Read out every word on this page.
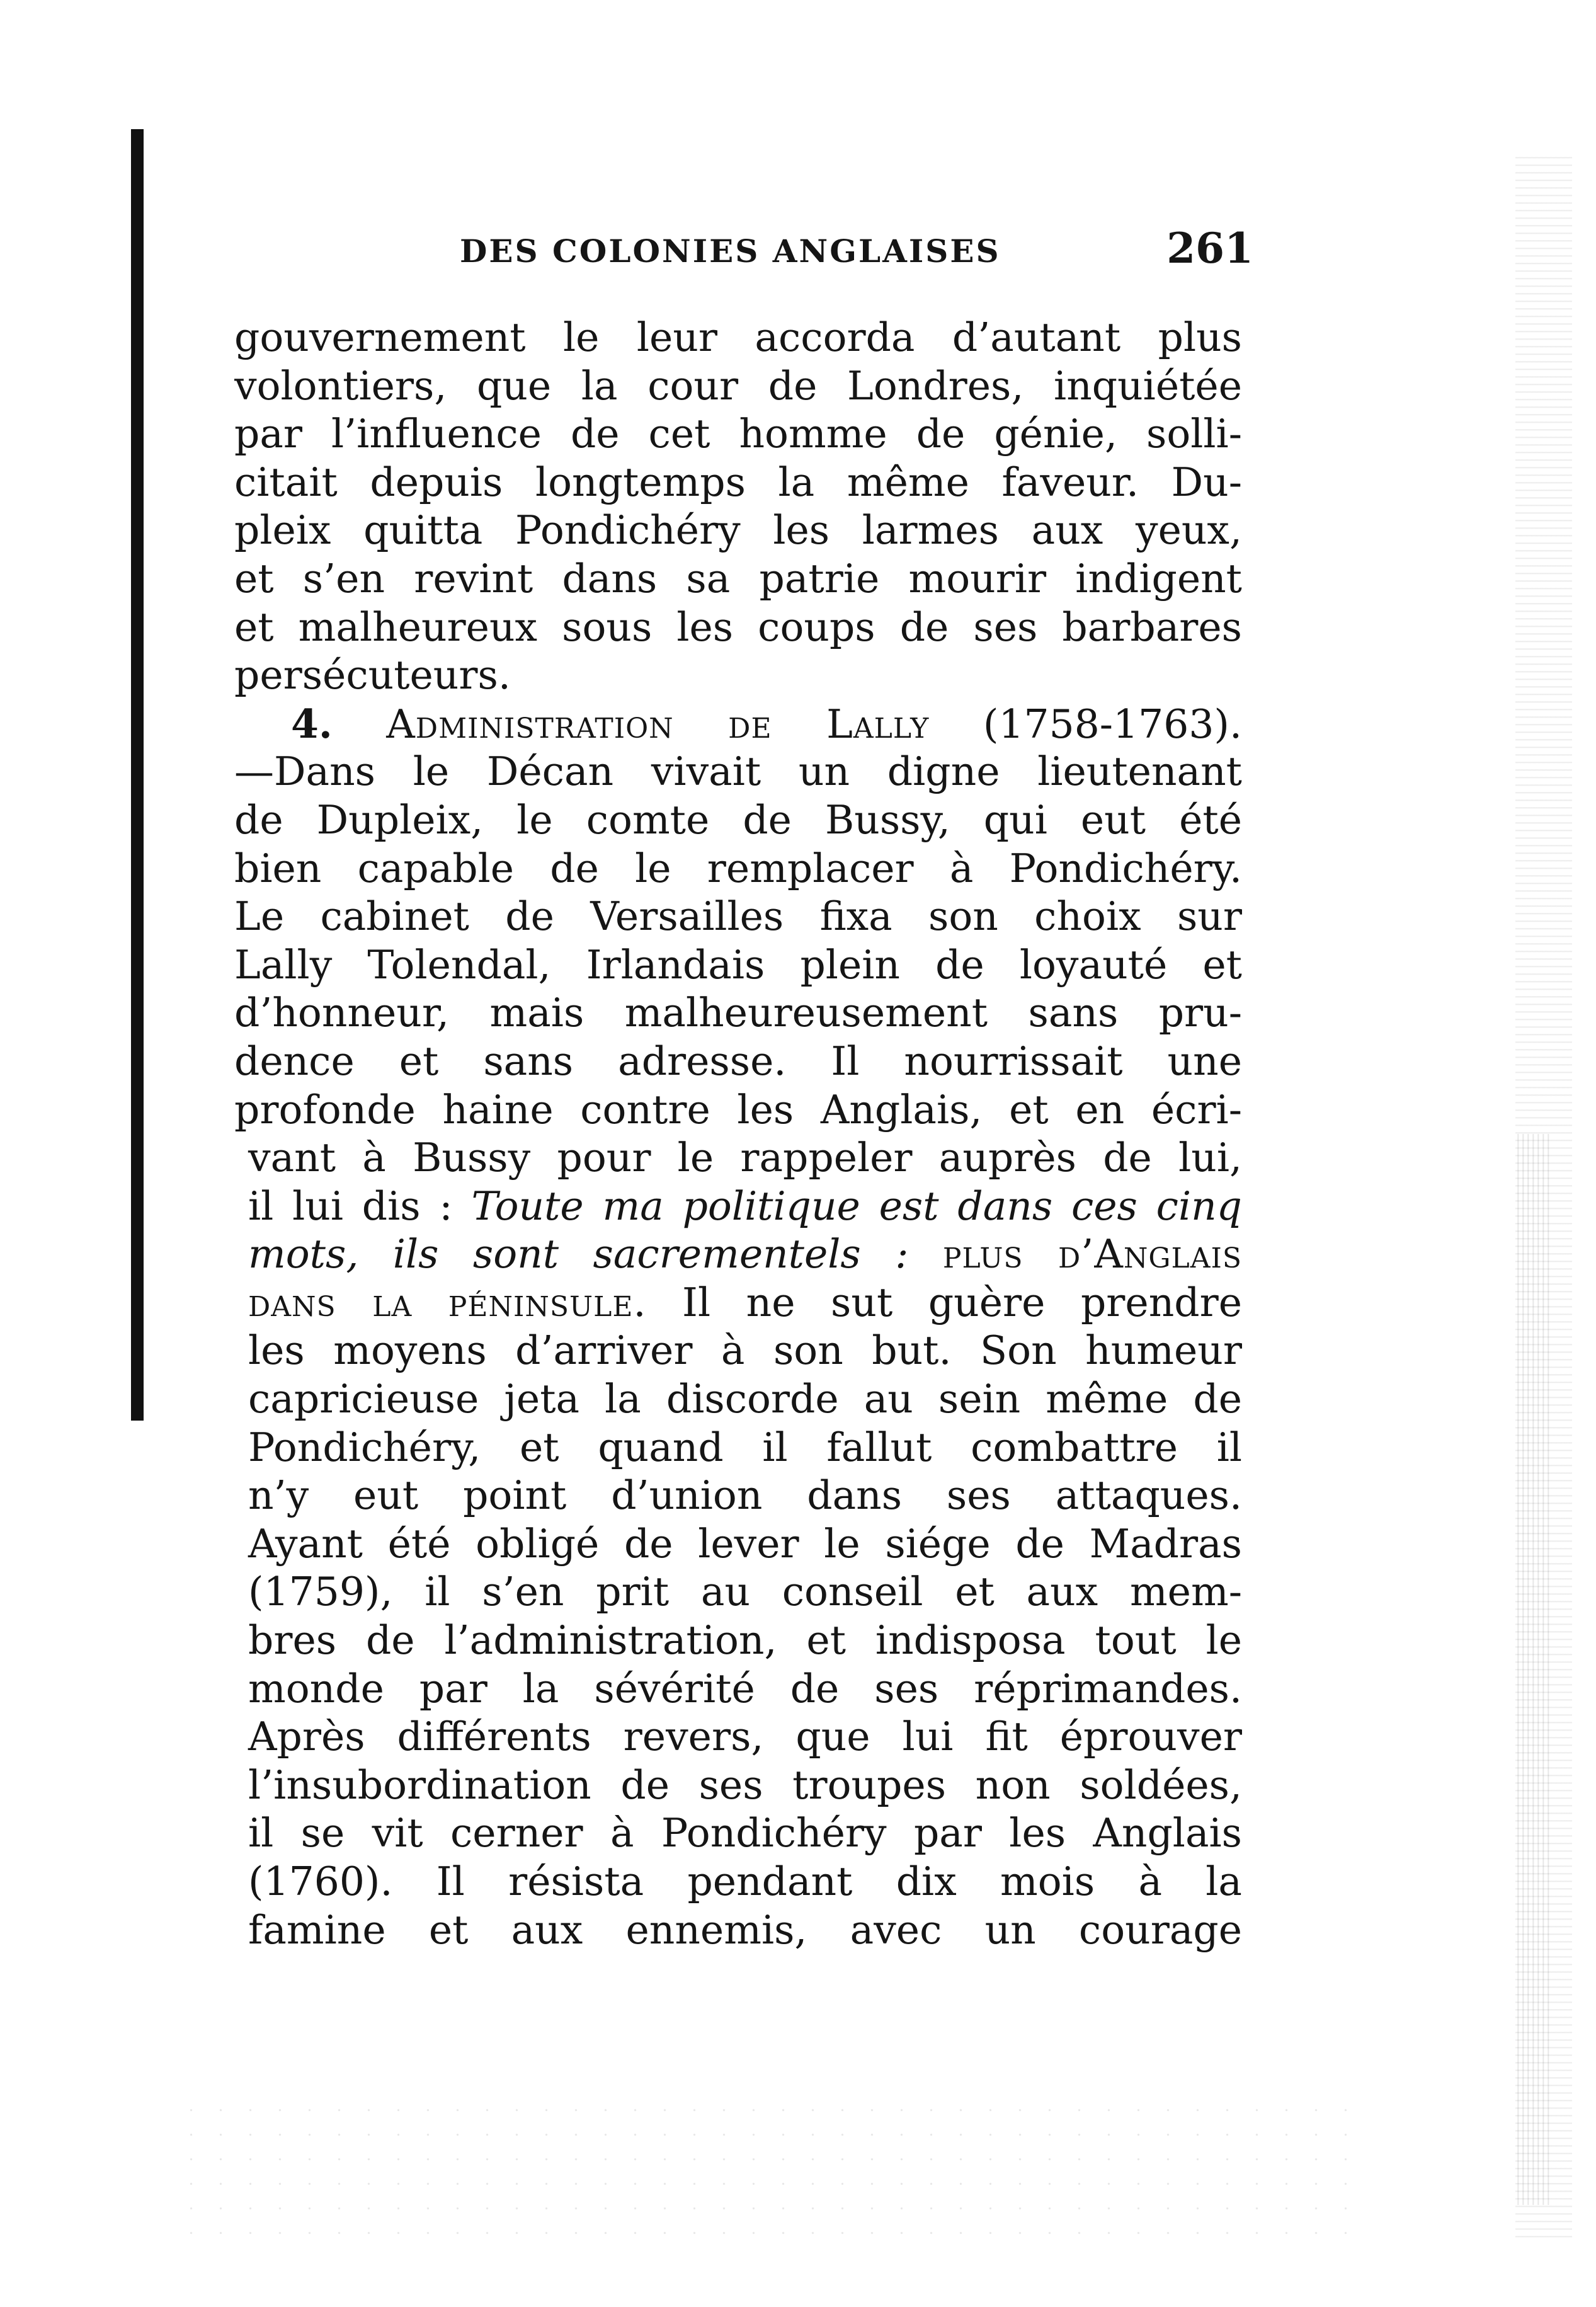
DES COLONIES ANGLAISES	261
gouvernement le leur accorda d’autant plus
volontiers, que la cour de Londres, inquiétée
par l’influence de cet homme de génie, solli-
citait depuis longtemps la même faveur. Du-
pleix quitta Pondichéry les larmes aux yeux,
et s’en revint dans sa patrie mourir indigent
et malheureux sous les coups de ses barbares
persécuteurs.
4. Administration de Lally (1758-1763).
—Dans le Décan vivait un digne lieutenant
de Dupleix, le comte de Bussy, qui eut été
bien capable de le remplacer à Pondichéry.
Le cabinet de Versailles fixa son choix sur
Lally Tolendal, Irlandais plein de loyauté et
d’honneur, mais malheureusement sans pru-
dence et sans adresse. Il nourrissait une
profonde haine contre les Anglais, et en écri-
vant à Bussy pour le rappeler auprès de lui,
il lui dis : Toute ma politique est dans ces cinq
mots, ils sont sacrementels : plus d’Anglais
dans la péninsule. Il ne sut guère prendre
les moyens d’arriver à son but. Son humeur
capricieuse jeta la discorde au sein même de
Pondichéry, et quand il fallut combattre il
n’y eut point d’union dans ses attaques.
Ayant été obligé de lever le siége de Madras
(1759), il s’en prit au conseil et aux mem-
bres de l’administration, et indisposa tout le
monde par la sévérité de ses réprimandes.
Après différents revers, que lui fit éprouver
l’insubordination de ses troupes non soldées,
il se vit cerner à Pondichéry par les Anglais
(1760). Il résista pendant dix mois à la
famine et aux ennemis, avec un courage
